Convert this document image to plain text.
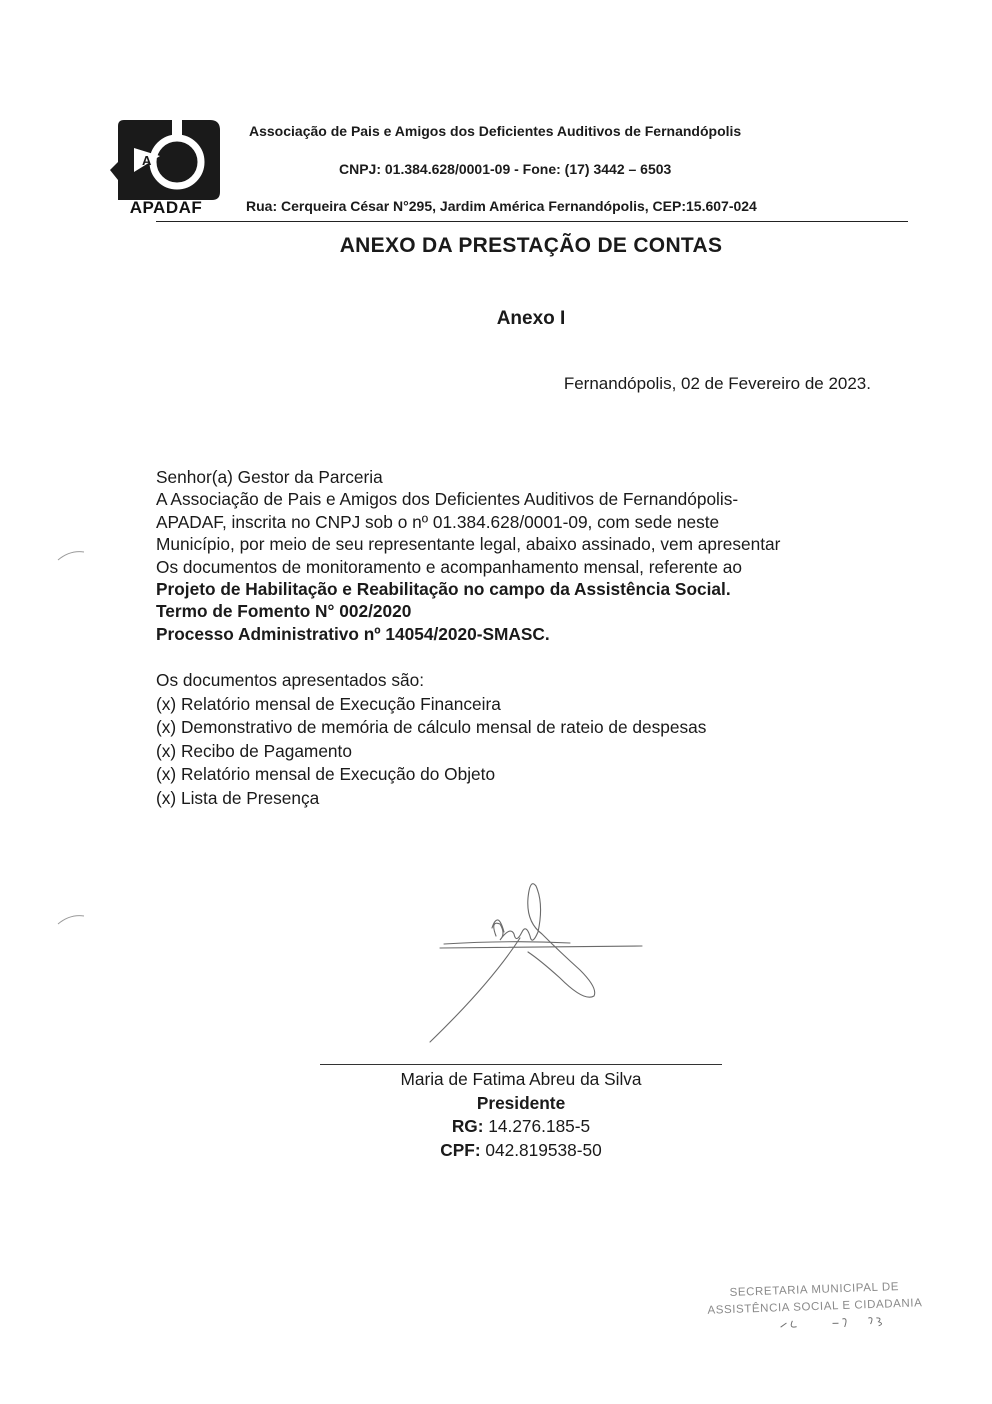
A
APADAF
Associação de Pais e Amigos dos Deficientes Auditivos de Fernandópolis
CNPJ: 01.384.628/0001-09 - Fone: (17) 3442 – 6503
Rua: Cerqueira César N°295, Jardim América Fernandópolis, CEP:15.607-024
ANEXO DA PRESTAÇÃO DE CONTAS
Anexo I
Fernandópolis, 02 de Fevereiro de 2023.
Senhor(a) Gestor da Parceria
A Associação de Pais e Amigos dos Deficientes Auditivos de Fernandópolis-
APADAF, inscrita no CNPJ sob o nº 01.384.628/0001-09, com sede neste
Município, por meio de seu representante legal, abaixo assinado, vem apresentar
Os documentos de monitoramento e acompanhamento mensal, referente ao
Projeto de Habilitação e Reabilitação no campo da Assistência Social.
Termo de Fomento N° 002/2020
Processo Administrativo nº 14054/2020-SMASC.
Os documentos apresentados são:
(x) Relatório mensal de Execução Financeira
(x) Demonstrativo de memória de cálculo mensal de rateio de despesas
(x) Recibo de Pagamento
(x) Relatório mensal de Execução do Objeto
(x) Lista de Presença
Maria de Fatima Abreu da Silva
Presidente
RG: 14.276.185-5
CPF: 042.819538-50
SECRETARIA MUNICIPAL DE
ASSISTÊNCIA SOCIAL E CIDADANIA
